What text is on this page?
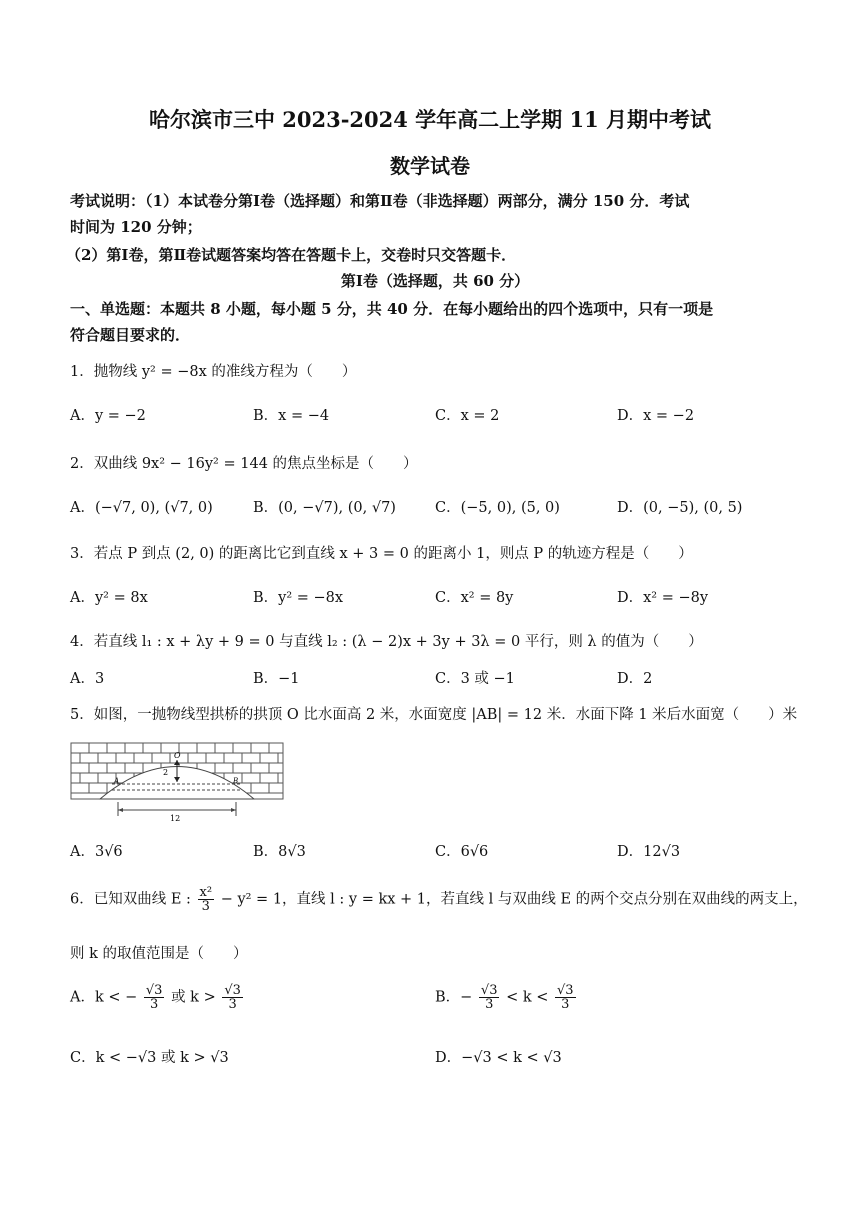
哈尔滨市三中 2023-2024 学年高二上学期 11 月期中考试
数学试卷
考试说明：（1）本试卷分第Ⅰ卷（选择题）和第Ⅱ卷（非选择题）两部分，满分 150 分．考试
时间为 120 分钟；
（2）第Ⅰ卷，第Ⅱ卷试题答案均答在答题卡上，交卷时只交答题卡．
第Ⅰ卷（选择题，共 60 分）
一、单选题：本题共 8 小题，每小题 5 分，共 40 分．在每小题给出的四个选项中，只有一项是
符合题目要求的．
1．抛物线 y² = −8x 的准线方程为（　　）
A．y = −2	B．x = −4	C．x = 2	D．x = −2
2．双曲线 9x² − 16y² = 144 的焦点坐标是（　　）
A．(−√7, 0), (√7, 0)	B．(0, −√7), (0, √7)	C．(−5, 0), (5, 0)	D．(0, −5), (0, 5)
3．若点 P 到点 (2, 0) 的距离比它到直线 x + 3 = 0 的距离小 1，则点 P 的轨迹方程是（　　）
A．y² = 8x	B．y² = −8x	C．x² = 8y	D．x² = −8y
4．若直线 l₁ : x + λy + 9 = 0 与直线 l₂ : (λ − 2)x + 3y + 3λ = 0 平行，则 λ 的值为（　　）
A．3	B．−1	C．3 或 −1	D．2
5．如图，一抛物线型拱桥的拱顶 O 比水面高 2 米，水面宽度 |AB| = 12 米．水面下降 1 米后水面宽（　　）米
O
2
A	B
12
A．3√6	B．8√3	C．6√6	D．12√3
6．已知双曲线 E : $\frac{\text{x²}}{3} - y^2 = 1$，直线 l : y = kx + 1，若直线 l 与双曲线 E 的两个交点分别在双曲线的两支上，
则 k 的取值范围是（　　）
A．k < − $\frac{√3}{3}$ 或 $k > \frac{√3}{3}$	B．− $\frac{√3}{3} < k < \frac{√3}{3}$
C．k < −√3 或 k > √3	D．−√3 < k < √3
